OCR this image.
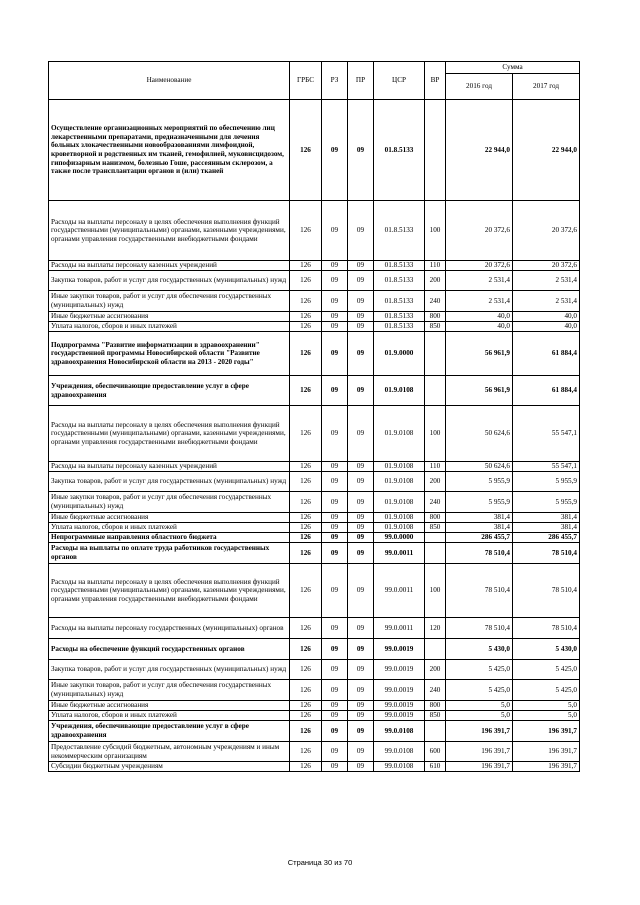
Наименование	ГРБС	РЗ	ПР	ЦСР	ВР	Сумма	
						2016 год	2017 год
Осуществление организационных мероприятий по обеспечению лиц лекарственными препаратами, предназначенными для лечения больных злокачественными новообразованиями лимфоидной, кроветворной и родственных им тканей, гемофилией, муковисцидозом, гипофизарным нанизмом, болезнью Гоше, рассеянным склерозом, а также после трансплантации органов и (или) тканей	126	09	09	01.8.5133		22 944,0	22 944,0
Расходы на выплаты персоналу в целях обеспечения выполнения функций государственными (муниципальными) органами, казенными учреждениями, органами управления государственными внебюджетными фондами	126	09	09	01.8.5133	100	20 372,6	20 372,6
Расходы на выплаты персоналу казенных учреждений	126	09	09	01.8.5133	110	20 372,6	20 372,6
Закупка товаров, работ и услуг для государственных (муниципальных) нужд	126	09	09	01.8.5133	200	2 531,4	2 531,4
Иные закупки товаров, работ и услуг для обеспечения государственных (муниципальных) нужд	126	09	09	01.8.5133	240	2 531,4	2 531,4
Иные бюджетные ассигнования	126	09	09	01.8.5133	800	40,0	40,0
Уплата налогов, сборов и иных платежей	126	09	09	01.8.5133	850	40,0	40,0
Подпрограмма "Развитие информатизации в здравоохранении" государственной программы Новосибирской области "Развитие здравоохранения Новосибирской области на 2013 - 2020 годы"	126	09	09	01.9.0000		56 961,9	61 884,4
Учреждения, обеспечивающие предоставление услуг в сфере здравоохранения	126	09	09	01.9.0108		56 961,9	61 884,4
Расходы на выплаты персоналу в целях обеспечения выполнения функций государственными (муниципальными) органами, казенными учреждениями, органами управления государственными внебюджетными фондами	126	09	09	01.9.0108	100	50 624,6	55 547,1
Расходы на выплаты персоналу казенных учреждений	126	09	09	01.9.0108	110	50 624,6	55 547,1
Закупка товаров, работ и услуг для государственных (муниципальных) нужд	126	09	09	01.9.0108	200	5 955,9	5 955,9
Иные закупки товаров, работ и услуг для обеспечения государственных (муниципальных) нужд	126	09	09	01.9.0108	240	5 955,9	5 955,9
Иные бюджетные ассигнования	126	09	09	01.9.0108	800	381,4	381,4
Уплата налогов, сборов и иных платежей	126	09	09	01.9.0108	850	381,4	381,4
Непрограммные направления областного бюджета	126	09	09	99.0.0000		286 455,7	286 455,7
Расходы на выплаты по оплате труда работников государственных органов	126	09	09	99.0.0011		78 510,4	78 510,4
Расходы на выплаты персоналу в целях обеспечения выполнения функций государственными (муниципальными) органами, казенными учреждениями, органами управления государственными внебюджетными фондами	126	09	09	99.0.0011	100	78 510,4	78 510,4
Расходы на выплаты персоналу государственных (муниципальных) органов	126	09	09	99.0.0011	120	78 510,4	78 510,4
Расходы на обеспечение функций государственных органов	126	09	09	99.0.0019		5 430,0	5 430,0
Закупка товаров, работ и услуг для государственных (муниципальных) нужд	126	09	09	99.0.0019	200	5 425,0	5 425,0
Иные закупки товаров, работ и услуг для обеспечения государственных (муниципальных) нужд	126	09	09	99.0.0019	240	5 425,0	5 425,0
Иные бюджетные ассигнования	126	09	09	99.0.0019	800	5,0	5,0
Уплата налогов, сборов и иных платежей	126	09	09	99.0.0019	850	5,0	5,0
Учреждения, обеспечивающие предоставление услуг в сфере здравоохранения	126	09	09	99.0.0108		196 391,7	196 391,7
Предоставление субсидий бюджетным, автономным учреждениям и иным некоммерческим организациям	126	09	09	99.0.0108	600	196 391,7	196 391,7
Субсидии бюджетным учреждениям	126	09	09	99.0.0108	610	196 391,7	196 391,7
Страница 30 из 70
